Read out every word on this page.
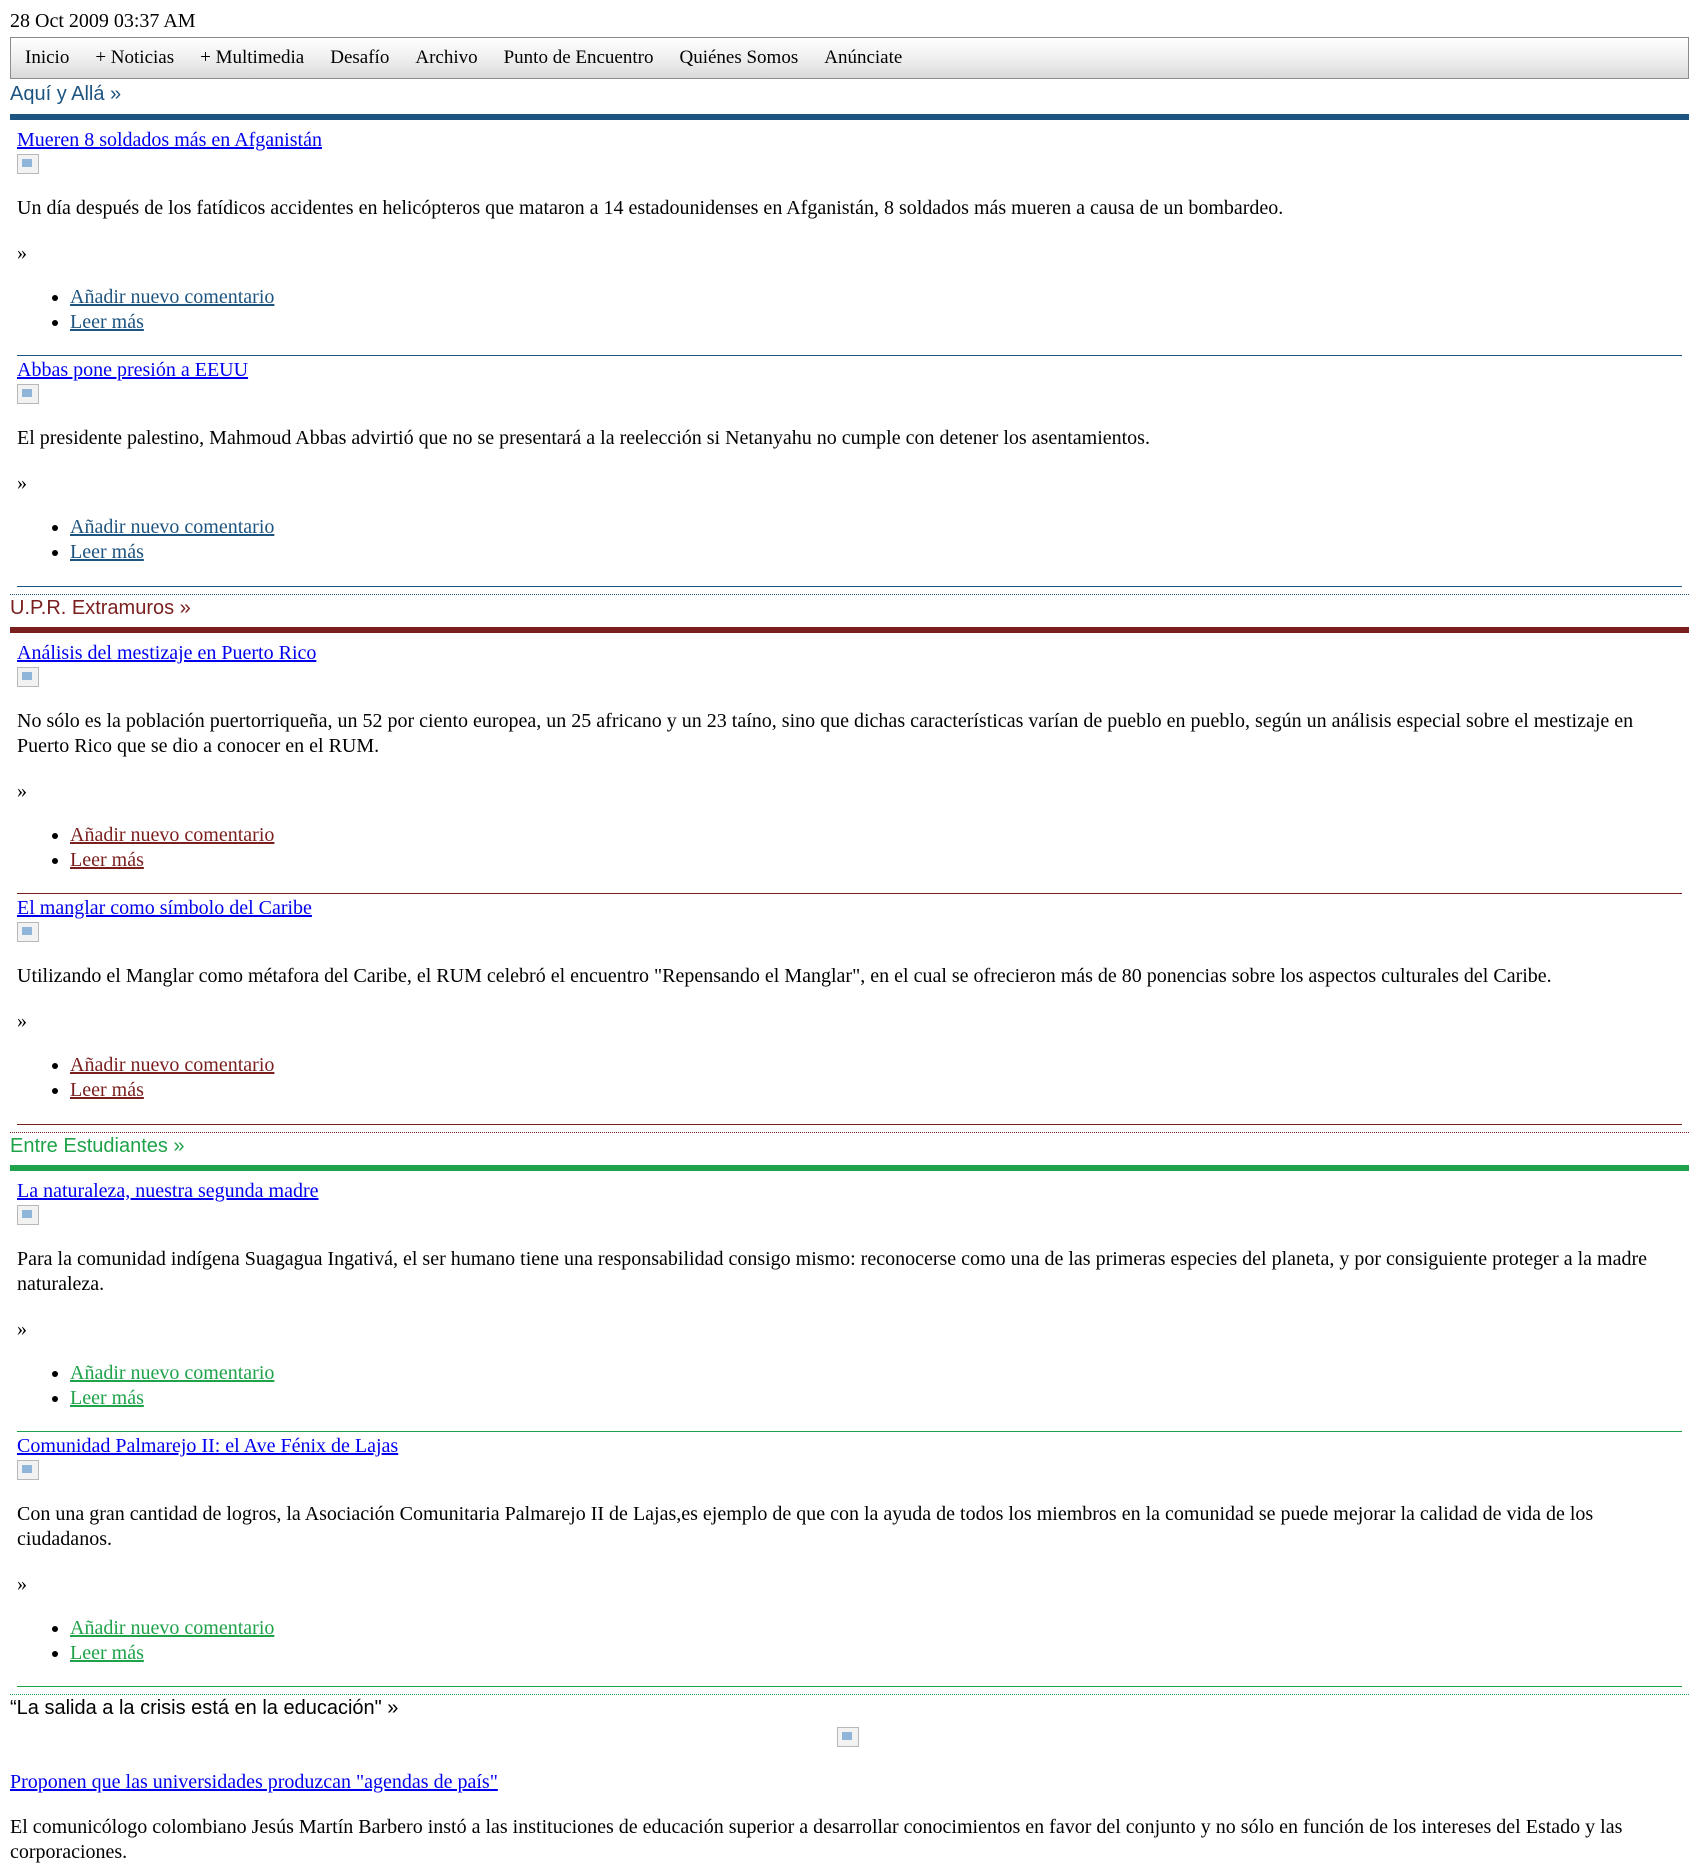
28 Oct 2009 03:37 AM
Inicio + Noticias + Multimedia Desafío Archivo Punto de Encuentro Quiénes Somos Anúnciate
Aquí y Allá »
Mueren 8 soldados más en Afganistán

Un día después de los fatídicos accidentes en helicópteros que mataron a 14 estadounidenses en Afganistán, 8 soldados más mueren a causa de un bombardeo.

»
• Añadir nuevo comentario
• Leer más
Abbas pone presión a EEUU

El presidente palestino, Mahmoud Abbas advirtió que no se presentará a la reelección si Netanyahu no cumple con detener los asentamientos.

»
• Añadir nuevo comentario
• Leer más
U.P.R. Extramuros »
Análisis del mestizaje en Puerto Rico

No sólo es la población puertorriqueña, un 52 por ciento europea, un 25 africano y un 23 taíno, sino que dichas características varían de pueblo en pueblo, según un análisis especial sobre el mestizaje en Puerto Rico que se dio a conocer en el RUM.

»
• Añadir nuevo comentario
• Leer más
El manglar como símbolo del Caribe

Utilizando el Manglar como métafora del Caribe, el RUM celebró el encuentro "Repensando el Manglar", en el cual se ofrecieron más de 80 ponencias sobre los aspectos culturales del Caribe.

»
• Añadir nuevo comentario
• Leer más
Entre Estudiantes »
La naturaleza, nuestra segunda madre

Para la comunidad indígena Suagagua Ingativá, el ser humano tiene una responsabilidad consigo mismo: reconocerse como una de las primeras especies del planeta, y por consiguiente proteger a la madre naturaleza.

»
• Añadir nuevo comentario
• Leer más
Comunidad Palmarejo II: el Ave Fénix de Lajas

Con una gran cantidad de logros, la Asociación Comunitaria Palmarejo II de Lajas,es ejemplo de que con la ayuda de todos los miembros en la comunidad se puede mejorar la calidad de vida de los ciudadanos.

»
• Añadir nuevo comentario
• Leer más
“La salida a la crisis está en la educación" »
Proponen que las universidades produzcan "agendas de país"
El comunicólogo colombiano Jesús Martín Barbero instó a las instituciones de educación superior a desarrollar conocimientos en favor del conjunto y no sólo en función de los intereses del Estado y las corporaciones.
